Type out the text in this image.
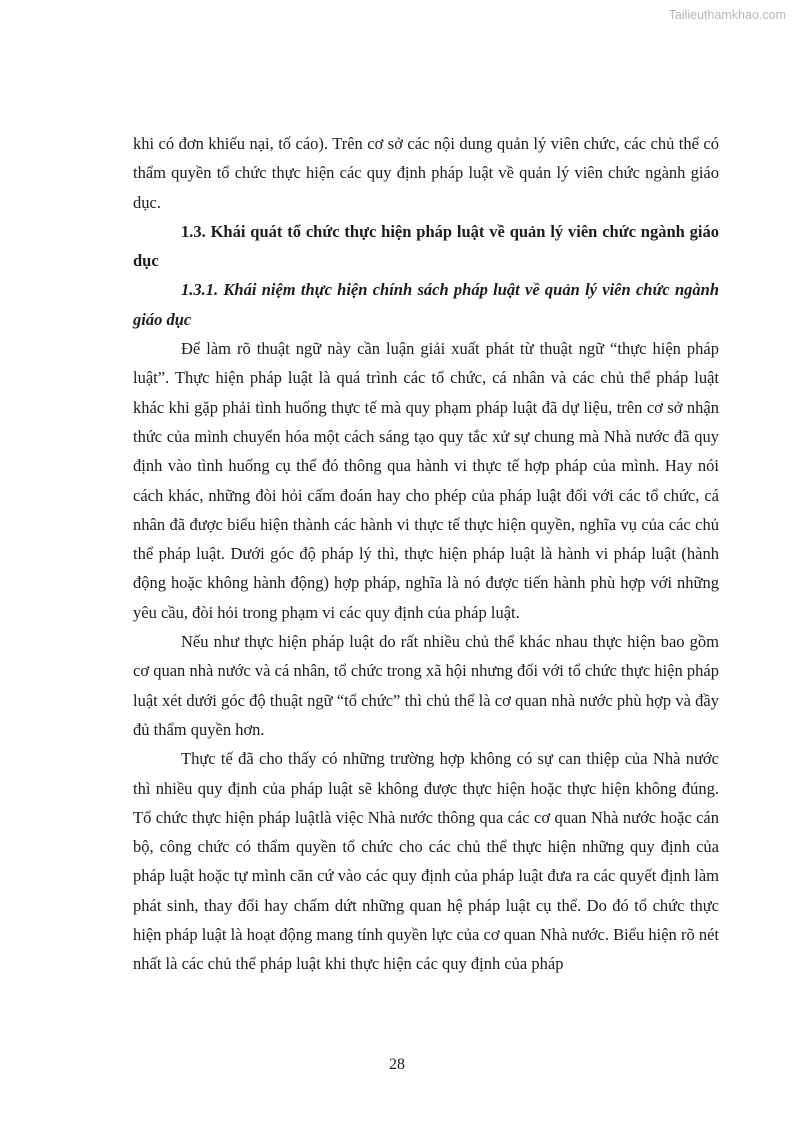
Tailieuthamkhao.com

khi có đơn khiếu nại, tố cáo). Trên cơ sở các nội dung quản lý viên chức, các chủ thể có thẩm quyền tổ chức thực hiện các quy định pháp luật về quản lý viên chức ngành giáo dục.

1.3. Khái quát tổ chức thực hiện pháp luật về quản lý viên chức ngành giáo dục

1.3.1. Khái niệm thực hiện chính sách pháp luật về quản lý viên chức ngành giáo dục

Để làm rõ thuật ngữ này cần luận giải xuất phát từ thuật ngữ “thực hiện pháp luật”. Thực hiện pháp luật là quá trình các tổ chức, cá nhân và các chủ thể pháp luật khác khi gặp phải tình huống thực tế mà quy phạm pháp luật đã dự liệu, trên cơ sở nhận thức của mình chuyển hóa một cách sáng tạo quy tắc xử sự chung mà Nhà nước đã quy định vào tình huống cụ thể đó thông qua hành vi thực tế hợp pháp của mình. Hay nói cách khác, những đòi hỏi cấm đoán hay cho phép của pháp luật đối với các tổ chức, cá nhân đã được biểu hiện thành các hành vi thực tế thực hiện quyền, nghĩa vụ của các chủ thể pháp luật. Dưới góc độ pháp lý thì, thực hiện pháp luật là hành vi pháp luật (hành động hoặc không hành động) hợp pháp, nghĩa là nó được tiến hành phù hợp với những yêu cầu, đòi hỏi trong phạm vi các quy định của pháp luật.

Nếu như thực hiện pháp luật do rất nhiều chủ thể khác nhau thực hiện bao gồm cơ quan nhà nước và cá nhân, tổ chức trong xã hội nhưng đối với tổ chức thực hiện pháp luật xét dưới góc độ thuật ngữ “tổ chức” thì chủ thể là cơ quan nhà nước phù hợp và đầy đủ thẩm quyền hơn.

Thực tế đã cho thấy có những trường hợp không có sự can thiệp của Nhà nước thì nhiều quy định của pháp luật sẽ không được thực hiện hoặc thực hiện không đúng. Tổ chức thực hiện pháp luậtlà việc Nhà nước thông qua các cơ quan Nhà nước hoặc cán bộ, công chức có thẩm quyền tổ chức cho các chủ thể thực hiện những quy định của pháp luật hoặc tự mình căn cứ vào các quy định của pháp luật đưa ra các quyết định làm phát sinh, thay đổi hay chấm dứt những quan hệ pháp luật cụ thể. Do đó tổ chức thực hiện pháp luật là hoạt động mang tính quyền lực của cơ quan Nhà nước. Biểu hiện rõ nét nhất là các chủ thể pháp luật khi thực hiện các quy định của pháp

28
